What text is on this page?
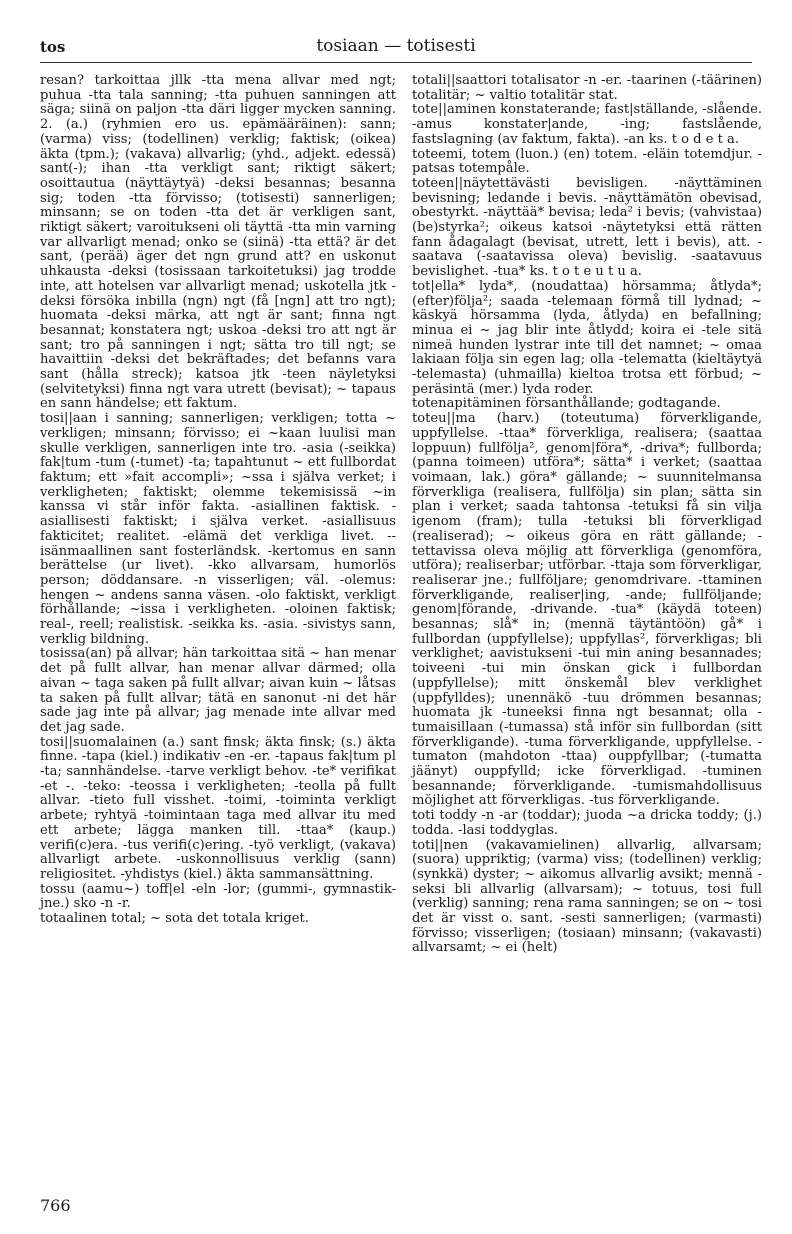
tos	tosiaan — totisesti

resan? tarkoittaa jllk -tta mena allvar med ngt; puhua -tta tala sanning; -tta puhuen sanningen att säga; siinä on paljon -tta däri ligger mycken sanning. 2. (a.) (ryhmien ero us. epämääräinen): sann; (varma) viss; (todellinen) verklig; faktisk; (oikea) äkta (tpm.); (vakava) allvarlig; (yhd., adjekt. edessä) sant(-); ihan -tta verkligt sant; riktigt säkert; osoittautua (näyttäytyä) -deksi besannas; besanna sig; toden -tta förvisso; (totisesti) sannerligen; minsann; se on toden -tta det är verkligen sant, riktigt säkert; varoitukseni oli täyttä -tta min varning var allvarligt menad; onko se (siinä) -tta että? är det sant, (perää) äger det ngn grund att? en uskonut uhkausta -deksi (tosissaan tarkoitetuksi) jag trodde inte, att hotelsen var allvarligt menad; uskotella jtk -deksi försöka inbilla (ngn) ngt (få [ngn] att tro ngt); huomata -deksi märka, att ngt är sant; finna ngt besannat; konstatera ngt; uskoa -deksi tro att ngt är sant; tro på sanningen i ngt; sätta tro till ngt; se havaittiin -deksi det bekräftades; det befanns vara sant (hålla streck); katsoa jtk -teen näyletyksi (selvitetyksi) finna ngt vara utrett (bevisat); ~ tapaus en sann händelse; ett faktum.

tosi||aan i sanning; sannerligen; verkligen; totta ~ verkligen; minsann; förvisso; ei ~kaan luulisi man skulle verkligen, sannerligen inte tro. -asia (-seikka) fak|tum -tum (-tumet) -ta; tapahtunut ~ ett fullbordat faktum; ett »fait accompli»; ~ssa i själva verket; i verkligheten; faktiskt; olemme tekemisissä ~in kanssa vi står inför fakta. -asiallinen faktisk. -asiallisesti faktiskt; i själva verket. -asiallisuus fakticitet; realitet. -elämä det verkliga livet. --isänmaallinen sant fosterländsk. -kertomus en sann berättelse (ur livet). -kko allvarsam, humorlös person; döddansare. -n visserligen; väl. -olemus: hengen ~ andens sanna väsen. -olo faktiskt, verkligt förhållande; ~issa i verkligheten. -oloinen faktisk; real-, reell; realistisk. -seikka ks. -asia. -sivistys sann, verklig bildning.

tosissa(an) på allvar; hän tarkoittaa sitä ~ han menar det på fullt allvar, han menar allvar därmed; olla aivan ~ taga saken på fullt allvar; aivan kuin ~ låtsas ta saken på fullt allvar; tätä en sanonut -ni det här sade jag inte på allvar; jag menade inte allvar med det jag sade.

tosi||suomalainen (a.) sant finsk; äkta finsk; (s.) äkta finne. -tapa (kiel.) indikativ -en -er. -tapaus fak|tum pl -ta; sannhändelse. -tarve verkligt behov. -te* verifikat -et -. -teko: -teossa i verkligheten; -teolla på fullt allvar. -tieto full visshet. -toimi, -toiminta verkligt arbete; ryhtyä -toimintaan taga med allvar itu med ett arbete; lägga manken till. -ttaa* (kaup.) verifi(c)era. -tus verifi(c)ering. -työ verkligt, (vakava) allvarligt arbete. -uskonnollisuus verklig (sann) religiositet. -yhdistys (kiel.) äkta sammansättning.

tossu (aamu~) toff|el -eln -lor; (gummi-, gymnastik- jne.) sko -n -r.

totaalinen total; ~ sota det totala kriget.

totali||saattori totalisator -n -er. -taarinen (-täärinen) totalitär; ~ valtio totalitär stat.

tote||aminen konstaterande; fast|ställande, -slående. -amus konstater|ande, -ing; fastslående, fastslagning (av faktum, fakta). -an ks. t o d e t a.

toteemi, totem (luon.) (en) totem. -eläin totemdjur. -patsas totempåle.

toteen||näytettävästi bevisligen. -näyttäminen bevisning; ledande i bevis. -näyttämätön obevisad, obestyrkt. -näyttää* bevisa; leda² i bevis; (vahvistaa) (be)styrka²; oikeus katsoi -näytetyksi että rätten fann ådagalagt (bevisat, utrett, lett i bevis), att. -saatava (-saatavissa oleva) bevislig. -saatavuus bevislighet. -tua* ks. t o t e u t u a.

tot|ella* lyda*, (noudattaa) hörsamma; åtlyda*; (efter)följa²; saada -telemaan förmå till lydnad; ~ käskyä hörsamma (lyda, åtlyda) en befallning; minua ei ~ jag blir inte åtlydd; koira ei -tele sitä nimeä hunden lystrar inte till det namnet; ~ omaa lakiaan följa sin egen lag; olla -telematta (kieltäytyä -telemasta) (uhmailla) kieltoa trotsa ett förbud; ~ peräsintä (mer.) lyda roder.

totenapitäminen försanthållande; godtagande.

toteu||ma (harv.) (toteutuma) förverkligande, uppfyllelse. -ttaa* förverkliga, realisera; (saattaa loppuun) fullfölja², genom|föra*, -driva*; fullborda; (panna toimeen) utföra*; sätta* i verket; (saattaa voimaan, lak.) göra* gällande; ~ suunnitelmansa förverkliga (realisera, fullfölja) sin plan; sätta sin plan i verket; saada tahtonsa -tetuksi få sin vilja igenom (fram); tulla -tetuksi bli förverkligad (realiserad); ~ oikeus göra en rätt gällande; -tettavissa oleva möjlig att förverkliga (genomföra, utföra); realiserbar; utförbar. -ttaja som förverkligar, realiserar jne.; fullföljare; genomdrivare. -ttaminen förverkligande, realiser|ing, -ande; fullföljande; genom|förande, -drivande. -tua* (käydä toteen) besannas; slå* in; (mennä täytäntöön) gå* i fullbordan (uppfyllelse); uppfyllas², förverkligas; bli verklighet; aavistukseni -tui min aning besannades; toiveeni -tui min önskan gick i fullbordan (uppfyllelse); mitt önskemål blev verklighet (uppfylldes); unennäkö -tuu drömmen besannas; huomata jk -tuneeksi finna ngt besannat; olla -tumaisillaan (-tumassa) stå inför sin fullbordan (sitt förverkligande). -tuma förverkligande, uppfyllelse. -tumaton (mahdoton -ttaa) ouppfyllbar; (-tumatta jäänyt) ouppfylld; icke förverkligad. -tuminen besannande; förverkligande. -tumismahdollisuus möjlighet att förverkligas. -tus förverkligande.

toti toddy -n -ar (toddar); juoda ~a dricka toddy; (j.) todda. -lasi toddyglas.

toti||nen (vakavamielinen) allvarlig, allvarsam; (suora) uppriktig; (varma) viss; (todellinen) verklig; (synkkä) dyster; ~ aikomus allvarlig avsikt; mennä -seksi bli allvarlig (allvarsam); ~ totuus, tosi full (verklig) sanning; rena rama sanningen; se on ~ tosi det är visst o. sant. -sesti sannerligen; (varmasti) förvisso; visserligen; (tosiaan) minsann; (vakavasti) allvarsamt; ~ ei (helt)

766
